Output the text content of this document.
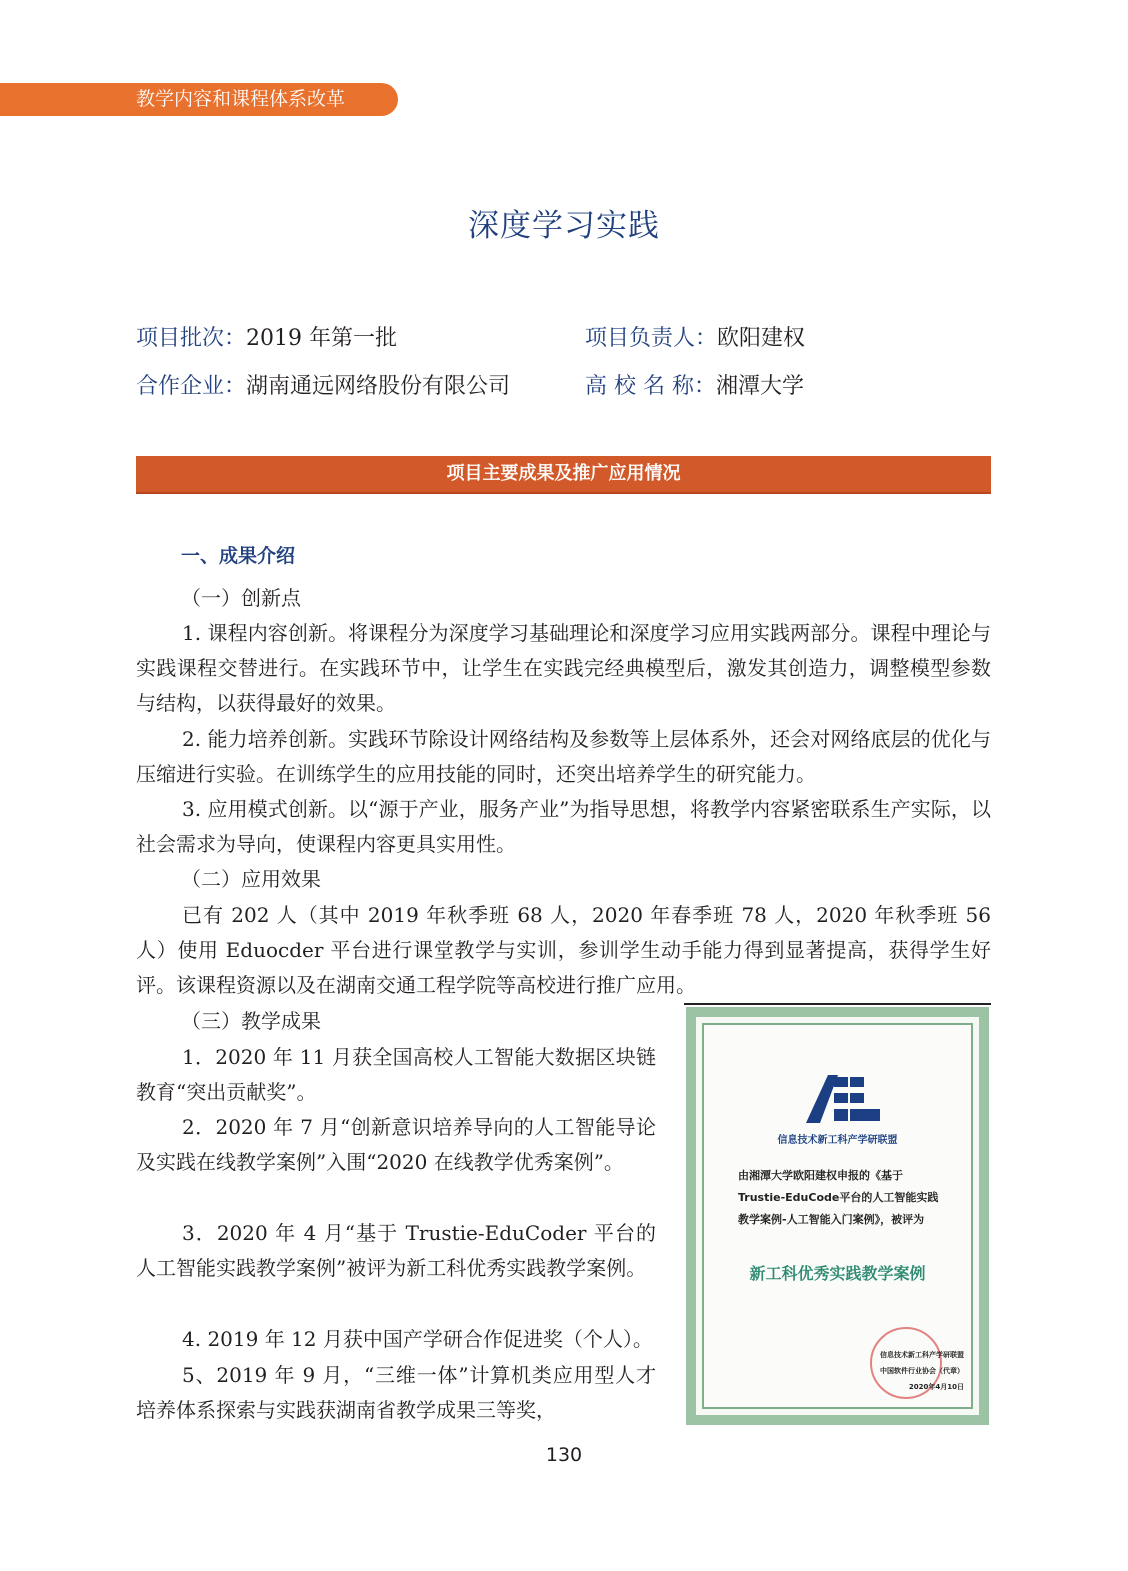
教学内容和课程体系改革
深度学习实践
项目批次：2019 年第一批	项目负责人：欧阳建权
合作企业：湖南通远网络股份有限公司	高 校 名 称：湘潭大学
项目主要成果及推广应用情况
一、成果介绍
（一）创新点
1. 课程内容创新。将课程分为深度学习基础理论和深度学习应用实践两部分。课程中理论与实践课程交替进行。在实践环节中，让学生在实践完经典模型后，激发其创造力，调整模型参数与结构，以获得最好的效果。
2. 能力培养创新。实践环节除设计网络结构及参数等上层体系外，还会对网络底层的优化与压缩进行实验。在训练学生的应用技能的同时，还突出培养学生的研究能力。
3. 应用模式创新。以“源于产业，服务产业”为指导思想，将教学内容紧密联系生产实际，以社会需求为导向，使课程内容更具实用性。
（二）应用效果
已有 202 人（其中 2019 年秋季班 68 人，2020 年春季班 78 人，2020 年秋季班 56 人）使用 Eduocder 平台进行课堂教学与实训，参训学生动手能力得到显著提高，获得学生好评。该课程资源以及在湖南交通工程学院等高校进行推广应用。
（三）教学成果
1．2020 年 11 月获全国高校人工智能大数据区块链教育“突出贡献奖”。
2．2020 年 7 月“创新意识培养导向的人工智能导论及实践在线教学案例”入围“2020 在线教学优秀案例”。
3．2020 年 4 月“基于 Trustie-EduCoder 平台的人工智能实践教学案例”被评为新工科优秀实践教学案例。
4. 2019 年 12 月获中国产学研合作促进奖（个人）。
5、2019 年 9 月，“三维一体”计算机类应用型人才培养体系探索与实践获湖南省教学成果三等奖，
信息技术新工科产学研联盟
由湘潭大学欧阳建权申报的《基于Trustie-EduCode平台的人工智能实践教学案例-人工智能入门案例》，被评为
新工科优秀实践教学案例
信息技术新工科产学研联盟
中国软件行业协会（代章）
2020年4月10日
130
